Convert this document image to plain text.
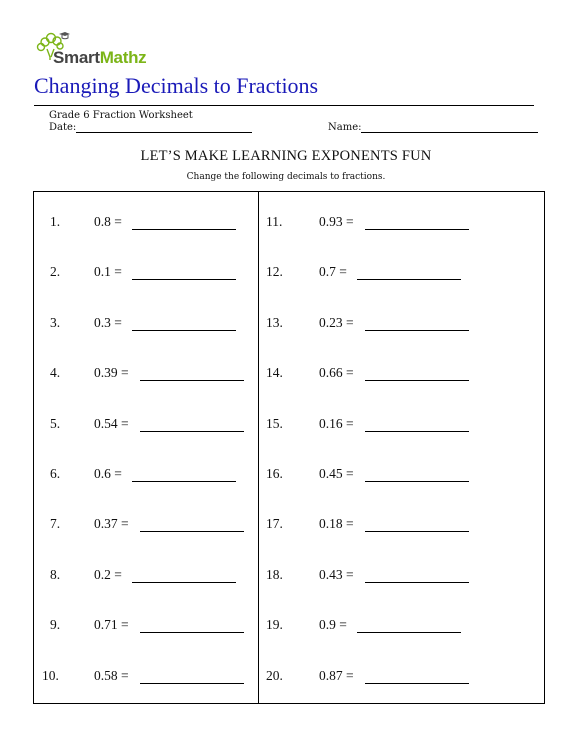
SmartMathz
Changing Decimals to Fractions
Grade 6 Fraction Worksheet
Date:	Name:
LET’S MAKE LEARNING EXPONENTS FUN
Change the following decimals to fractions.
1.	0.8 =
2.	0.1 =
3.	0.3 =
4.	0.39 =
5.	0.54 =
6.	0.6 =
7.	0.37 =
8.	0.2 =
9.	0.71 =
10.	0.58 =
11.	0.93 =
12.	0.7 =
13.	0.23 =
14.	0.66 =
15.	0.16 =
16.	0.45 =
17.	0.18 =
18.	0.43 =
19.	0.9 =
20.	0.87 =
